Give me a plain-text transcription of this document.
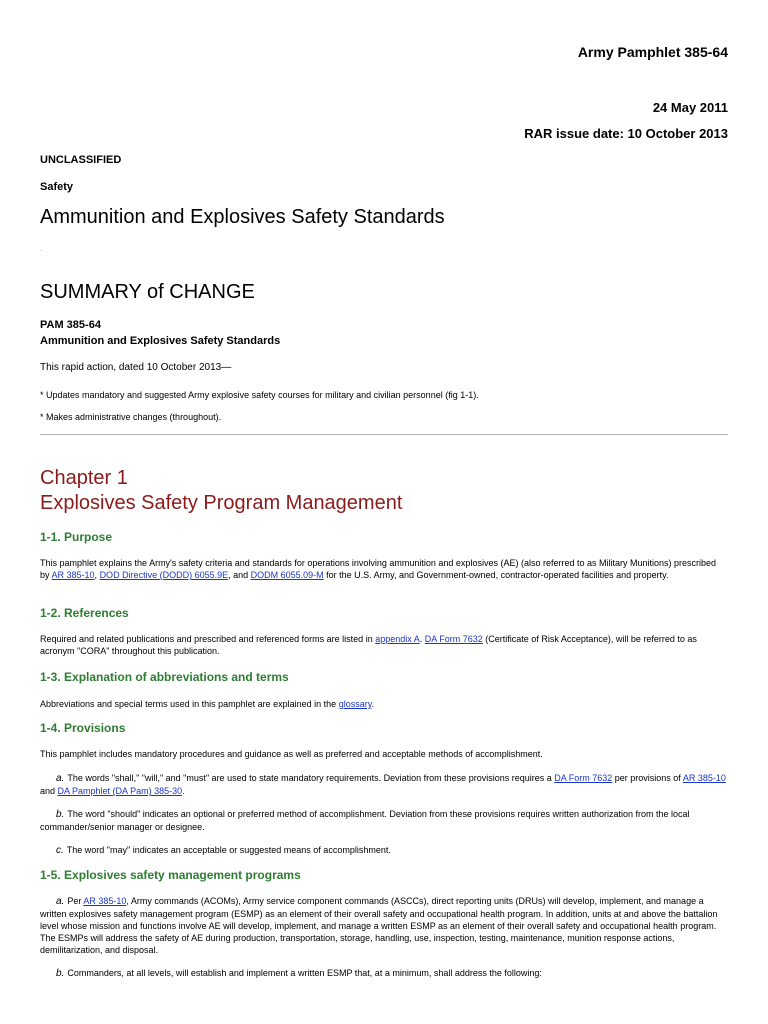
Army Pamphlet 385-64
24 May 2011
RAR issue date: 10 October 2013
UNCLASSIFIED
Safety
Ammunition and Explosives Safety Standards
.
SUMMARY of CHANGE
PAM 385-64
Ammunition and Explosives Safety Standards
This rapid action, dated 10 October 2013—
* Updates mandatory and suggested Army explosive safety courses for military and civilian personnel (fig 1-1).
* Makes administrative changes (throughout).
Chapter 1
Explosives Safety Program Management
1-1. Purpose
This pamphlet explains the Army's safety criteria and standards for operations involving ammunition and explosives (AE) (also referred to as Military Munitions) prescribed by AR 385-10, DOD Directive (DODD) 6055.9E, and DODM 6055.09-M for the U.S. Army, and Government-owned, contractor-operated facilities and property.
1-2. References
Required and related publications and prescribed and referenced forms are listed in appendix A. DA Form 7632 (Certificate of Risk Acceptance), will be referred to as acronym "CORA" throughout this publication.
1-3. Explanation of abbreviations and terms
Abbreviations and special terms used in this pamphlet are explained in the glossary.
1-4. Provisions
This pamphlet includes mandatory procedures and guidance as well as preferred and acceptable methods of accomplishment.
a. The words "shall," "will," and "must" are used to state mandatory requirements. Deviation from these provisions requires a DA Form 7632 per provisions of AR 385-10 and DA Pamphlet (DA Pam) 385-30.
b. The word "should" indicates an optional or preferred method of accomplishment. Deviation from these provisions requires written authorization from the local commander/senior manager or designee.
c. The word "may" indicates an acceptable or suggested means of accomplishment.
1-5. Explosives safety management programs
a. Per AR 385-10, Army commands (ACOMs), Army service component commands (ASCCs), direct reporting units (DRUs) will develop, implement, and manage a written explosives safety management program (ESMP) as an element of their overall safety and occupational health program. In addition, units at and above the battalion level whose mission and functions involve AE will develop, implement, and manage a written ESMP as an element of their overall safety and occupational health program. The ESMPs will address the safety of AE during production, transportation, storage, handling, use, inspection, testing, maintenance, munition response actions, demilitarization, and disposal.
b. Commanders, at all levels, will establish and implement a written ESMP that, at a minimum, shall address the following:
